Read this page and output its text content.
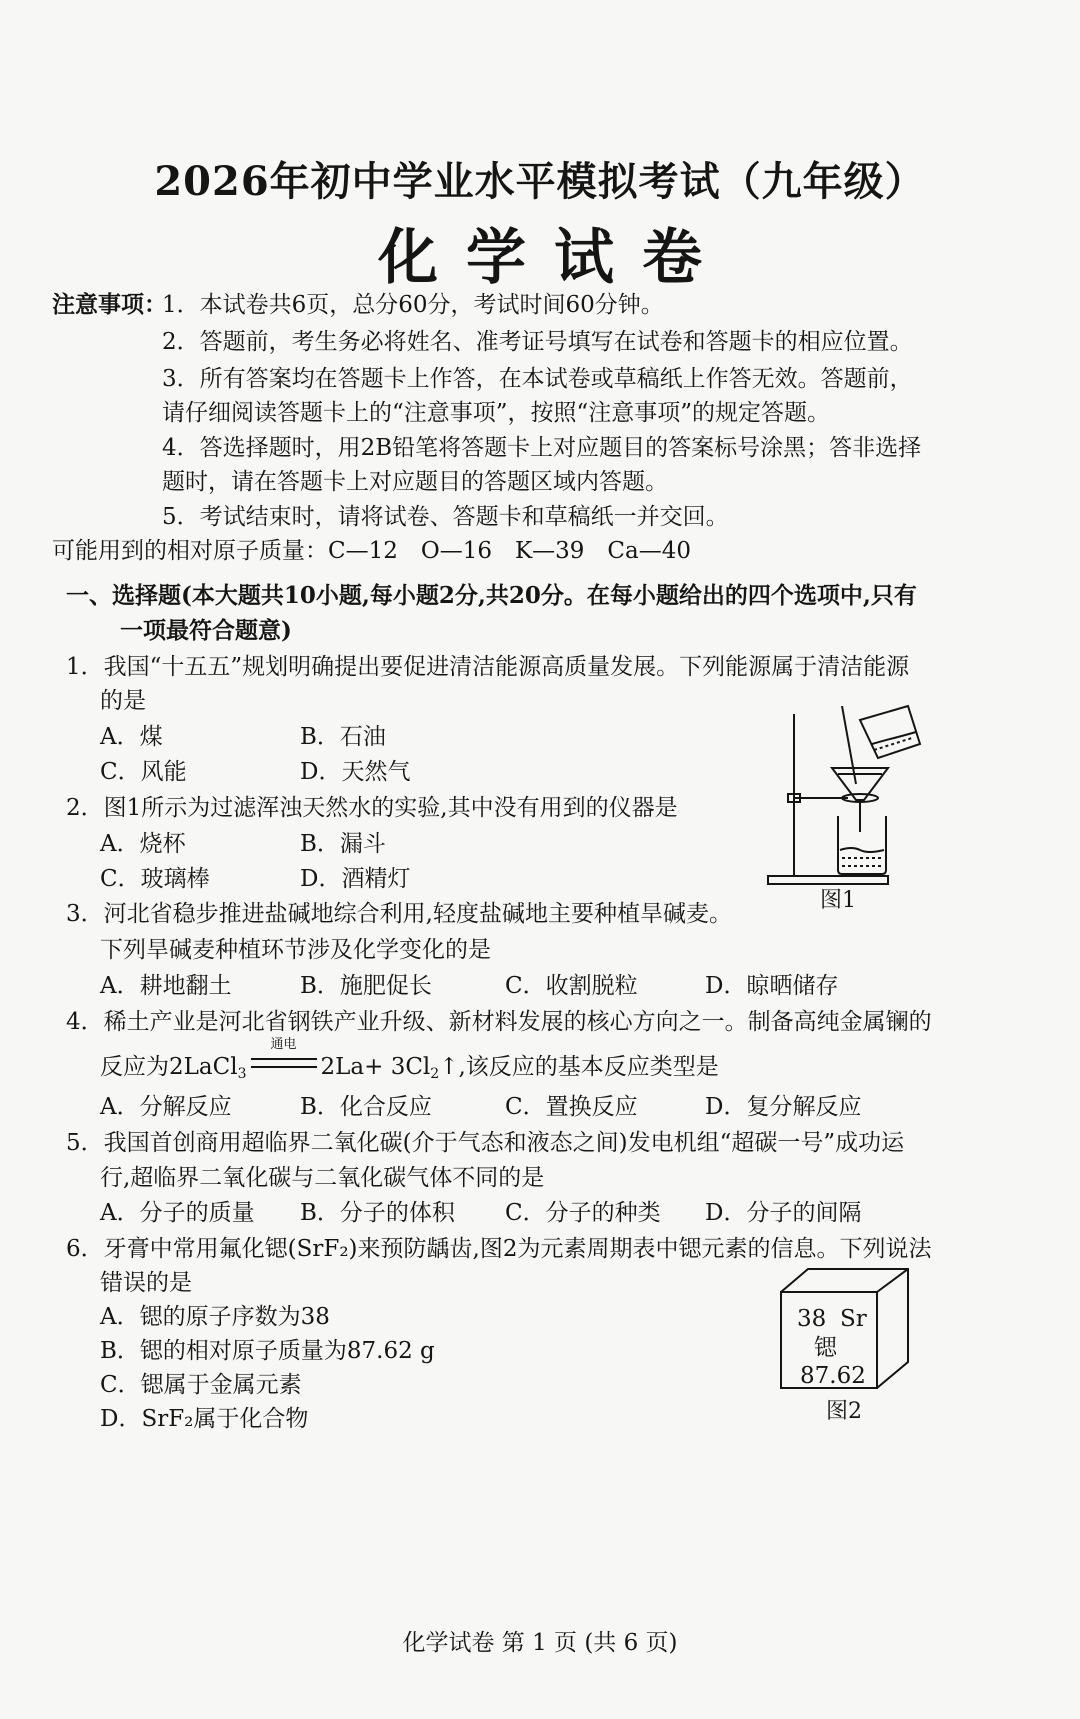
2026年初中学业水平模拟考试（九年级）
化学试卷
注意事项：
1．本试卷共6页，总分60分，考试时间60分钟。
2．答题前，考生务必将姓名、准考证号填写在试卷和答题卡的相应位置。
3．所有答案均在答题卡上作答，在本试卷或草稿纸上作答无效。答题前，
请仔细阅读答题卡上的“注意事项”，按照“注意事项”的规定答题。
4．答选择题时，用2B铅笔将答题卡上对应题目的答案标号涂黑；答非选择
题时，请在答题卡上对应题目的答题区域内答题。
5．考试结束时，请将试卷、答题卡和草稿纸一并交回。
可能用到的相对原子质量：C—12　O—16　K—39　Ca—40
一、选择题(本大题共10小题,每小题2分,共20分。在每小题给出的四个选项中,只有
一项最符合题意)
1．我国“十五五”规划明确提出要促进清洁能源高质量发展。下列能源属于清洁能源
的是
A．煤	B．石油
C．风能	D．天然气
2．图1所示为过滤浑浊天然水的实验,其中没有用到的仪器是
A．烧杯	B．漏斗
C．玻璃棒	D．酒精灯
图1
3．河北省稳步推进盐碱地综合利用,轻度盐碱地主要种植旱碱麦。
下列旱碱麦种植环节涉及化学变化的是
A．耕地翻土	B．施肥促长	C．收割脱粒	D．晾晒储存
4．稀土产业是河北省钢铁产业升级、新材料发展的核心方向之一。制备高纯金属镧的
反应为2LaCl$_3$
通电
$2La+ 3Cl_2↑$,该反应的基本反应类型是
A．分解反应	B．化合反应	C．置换反应	D．复分解反应
5．我国首创商用超临界二氧化碳(介于气态和液态之间)发电机组“超碳一号”成功运
行,超临界二氧化碳与二氧化碳气体不同的是
A．分子的质量 B．分子的体积 C．分子的种类 D．分子的间隔
6．牙膏中常用氟化锶(SrF₂)来预防龋齿,图2为元素周期表中锶元素的信息。下列说法
错误的是
A．锶的原子序数为38
B．锶的相对原子质量为87.62 g
C．锶属于金属元素
D．SrF₂属于化合物
38 Sr
锶
87.62
图2
化学试卷 第 1 页 (共 6 页)
